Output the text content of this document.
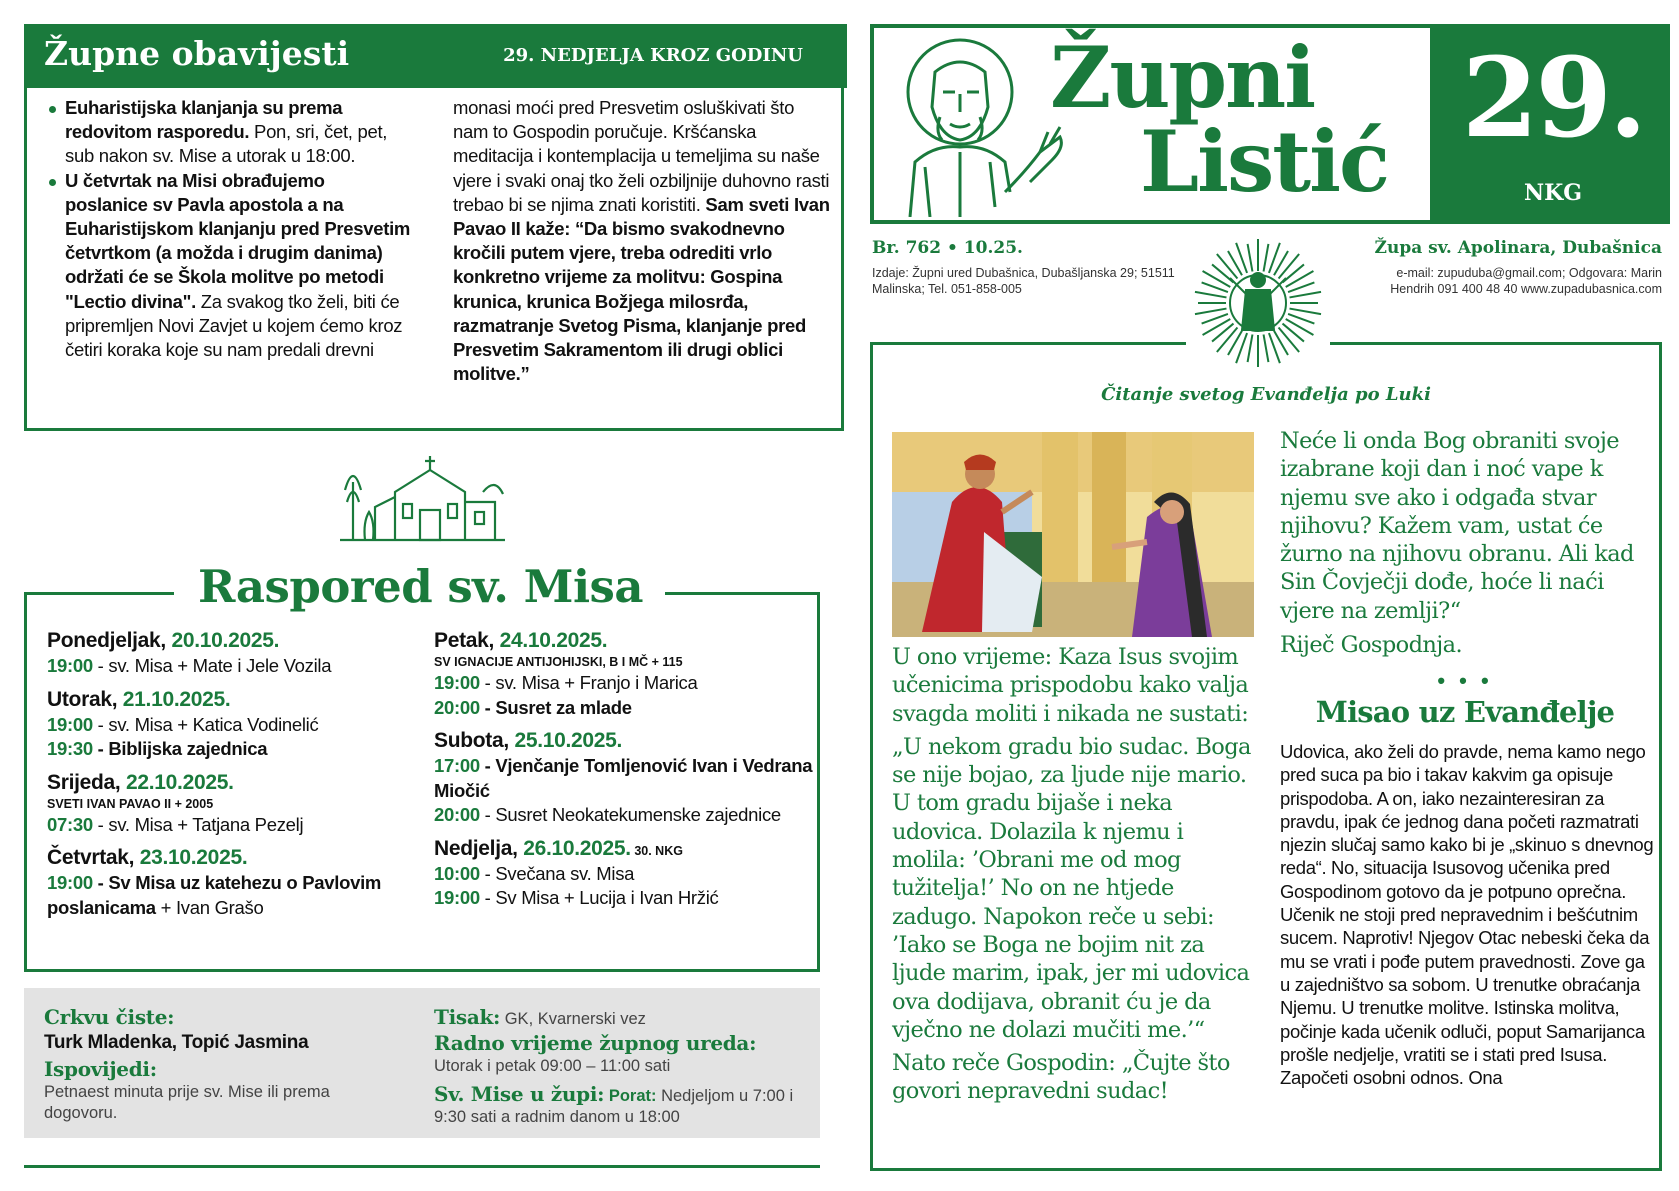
Župne obavijesti	29. NEDJELJA KROZ GODINU
Euharistijska klanjanja su prema redovitom rasporedu. Pon, sri, čet, pet, sub nakon sv. Mise a utorak u 18:00.
U četvrtak na Misi obrađujemo poslanice sv Pavla apostola a na Euharistijskom klanjanju pred Presvetim četvrtkom (a možda i drugim danima) održati će se Škola molitve po metodi "Lectio divina". Za svakog tko želi, biti će pripremljen Novi Zavjet u kojem ćemo kroz četiri koraka koje su nam predali drevni
monasi moći pred Presvetim osluškivati što nam to Gospodin poručuje. Kršćanska meditacija i kontemplacija u temeljima su naše vjere i svaki onaj tko želi ozbiljnije duhovno rasti trebao bi se njima znati koristiti. Sam sveti Ivan Pavao II kaže: “Da bismo svakodnevno kročili putem vjere, treba odrediti vrlo konkretno vrijeme za molitvu: Gospina krunica, krunica Božjega milosrđa, razmatranje Svetog Pisma, klanjanje pred Presvetim Sakramentom ili drugi oblici molitve.”
Raspored sv. Misa
Ponedjeljak, 20.10.2025.
19:00 - sv. Misa + Mate i Jele Vozila
Utorak, 21.10.2025.
19:00 - sv. Misa + Katica Vodinelić
19:30 - Biblijska zajednica
Srijeda, 22.10.2025.
SVETI IVAN PAVAO II + 2005
07:30 - sv. Misa + Tatjana Pezelj
Četvrtak, 23.10.2025.
19:00 - Sv Misa uz katehezu o Pavlovim
poslanicama + Ivan Grašo
Petak, 24.10.2025.
SV IGNACIJE ANTIJOHIJSKI, B I MČ + 115
19:00 - sv. Misa + Franjo i Marica
20:00 - Susret za mlade
Subota, 25.10.2025.
17:00 - Vjenčanje Tomljenović Ivan i Vedrana Miočić
20:00 - Susret Neokatekumenske zajednice
Nedjelja, 26.10.2025. 30. NKG
10:00 - Svečana sv. Misa
19:00 - Sv Misa + Lucija i Ivan Hržić
Crkvu čiste:
Turk Mladenka, Topić Jasmina
Ispovijedi:
Petnaest minuta prije sv. Mise ili prema dogovoru.
Tisak: GK, Kvarnerski vez
Radno vrijeme župnog ureda:
Utorak i petak 09:00 – 11:00 sati
Sv. Mise u župi: Porat: Nedjeljom u 7:00 i 9:30 sati a radnim danom u 18:00
Župni
Listić 29.
NKG
Br. 762 • 10.25.
Izdaje: Župni ured Dubašnica, Dubašljanska 29; 51511 Malinska; Tel. 051-858-005
Župa sv. Apolinara, Dubašnica
e-mail: zupuduba@gmail.com; Odgovara: Marin Hendrih 091 400 48 40 www.zupadubasnica.com
Čitanje svetog Evanđelja po Luki

U ono vrijeme: Kaza Isus svojim učenicima prispodobu kako valja svagda moliti i nikada ne sustati:

„U nekom gradu bio sudac. Boga se nije bojao, za ljude nije mario. U tom gradu bijaše i neka udovica. Dolazila k njemu i molila: ’Obrani me od mog tužitelja!’ No on ne htjede zadugo. Napokon reče u sebi: ’Iako se Boga ne bojim nit za ljude marim, ipak, jer mi udovica ova dodijava, obranit ću je da vječno ne dolazi mučiti me.’“

Nato reče Gospodin: „Čujte što govori nepravedni sudac!

Neće li onda Bog obraniti svoje izabrane koji dan i noć vape k njemu sve ako i odgađa stvar njihovu? Kažem vam, ustat će žurno na njihovu obranu. Ali kad Sin Čovječji dođe, hoće li naći vjere na zemlji?“

Riječ Gospodnja.

• • •
Misao uz Evanđelje
Udovica, ako želi do pravde, nema kamo nego pred suca pa bio i takav kakvim ga opisuje prispodoba. A on, iako nezainteresiran za pravdu, ipak će jednog dana početi razmatrati njezin slučaj samo kako bi je „skinuo s dnevnog reda“. No, situacija Isusovog učenika pred Gospodinom gotovo da je potpuno oprečna. Učenik ne stoji pred nepravednim i bešćutnim sucem. Naprotiv! Njegov Otac nebeski čeka da mu se vrati i pođe putem pravednosti. Zove ga u zajedništvo sa sobom. U trenutke obraćanja Njemu. U trenutke molitve. Istinska molitva, počinje kada učenik odluči, poput Samarijanca prošle nedjelje, vratiti se i stati pred Isusa. Započeti osobni odnos. Ona
